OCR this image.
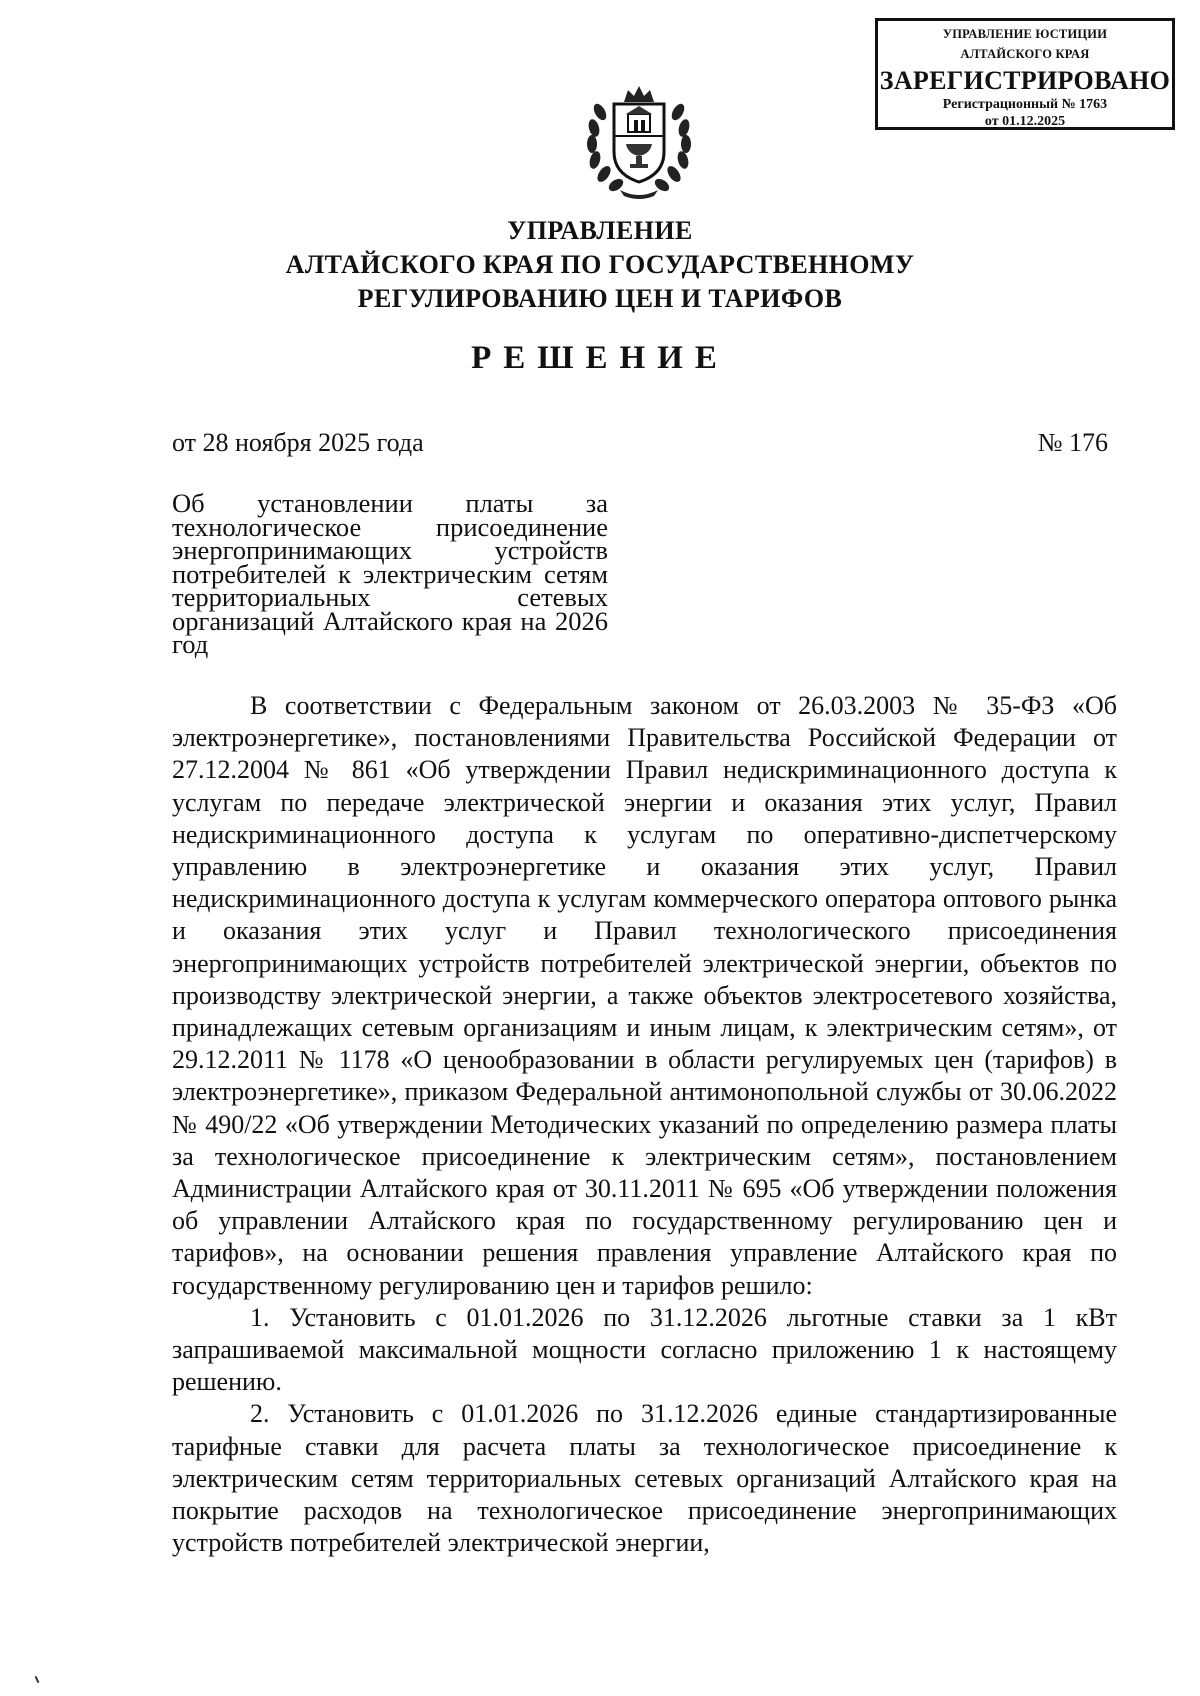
УПРАВЛЕНИЕ ЮСТИЦИИ
АЛТАЙСКОГО КРАЯ
ЗАРЕГИСТРИРОВАНО
Регистрационный № 1763
от 01.12.2025
УПРАВЛЕНИЕ
АЛТАЙСКОГО КРАЯ ПО ГОСУДАРСТВЕННОМУ
РЕГУЛИРОВАНИЮ ЦЕН И ТАРИФОВ
РЕШЕНИЕ
от 28 ноября 2025 года	№ 176
Об установлении платы за технологическое присоединение энергопринимающих устройств потребителей к электрическим сетям территориальных сетевых организаций Алтайского края на 2026 год

В соответствии с Федеральным законом от 26.03.2003 № 35-ФЗ «Об электроэнергетике», постановлениями Правительства Российской Федерации от 27.12.2004 № 861 «Об утверждении Правил недискриминационного доступа к услугам по передаче электрической энергии и оказания этих услуг, Правил недискриминационного доступа к услугам по оперативно-диспетчерскому управлению в электроэнергетике и оказания этих услуг, Правил недискриминационного доступа к услугам коммерческого оператора оптового рынка и оказания этих услуг и Правил технологического присоединения энергопринимающих устройств потребителей электрической энергии, объектов по производству электрической энергии, а также объектов электросетевого хозяйства, принадлежащих сетевым организациям и иным лицам, к электрическим сетям», от 29.12.2011 № 1178 «О ценообразовании в области регулируемых цен (тарифов) в электроэнергетике», приказом Федеральной антимонопольной службы от 30.06.2022 № 490/22 «Об утверждении Методических указаний по определению размера платы за технологическое присоединение к электрическим сетям», постановлением Администрации Алтайского края от 30.11.2011 № 695 «Об утверждении положения об управлении Алтайского края по государственному регулированию цен и тарифов», на основании решения правления управление Алтайского края по государственному регулированию цен и тарифов решило:

1. Установить с 01.01.2026 по 31.12.2026 льготные ставки за 1 кВт запрашиваемой максимальной мощности согласно приложению 1 к настоящему решению.

2. Установить с 01.01.2026 по 31.12.2026 единые стандартизированные тарифные ставки для расчета платы за технологическое присоединение к электрическим сетям территориальных сетевых организаций Алтайского края на покрытие расходов на технологическое присоединение энергопринимающих устройств потребителей электрической энергии,
